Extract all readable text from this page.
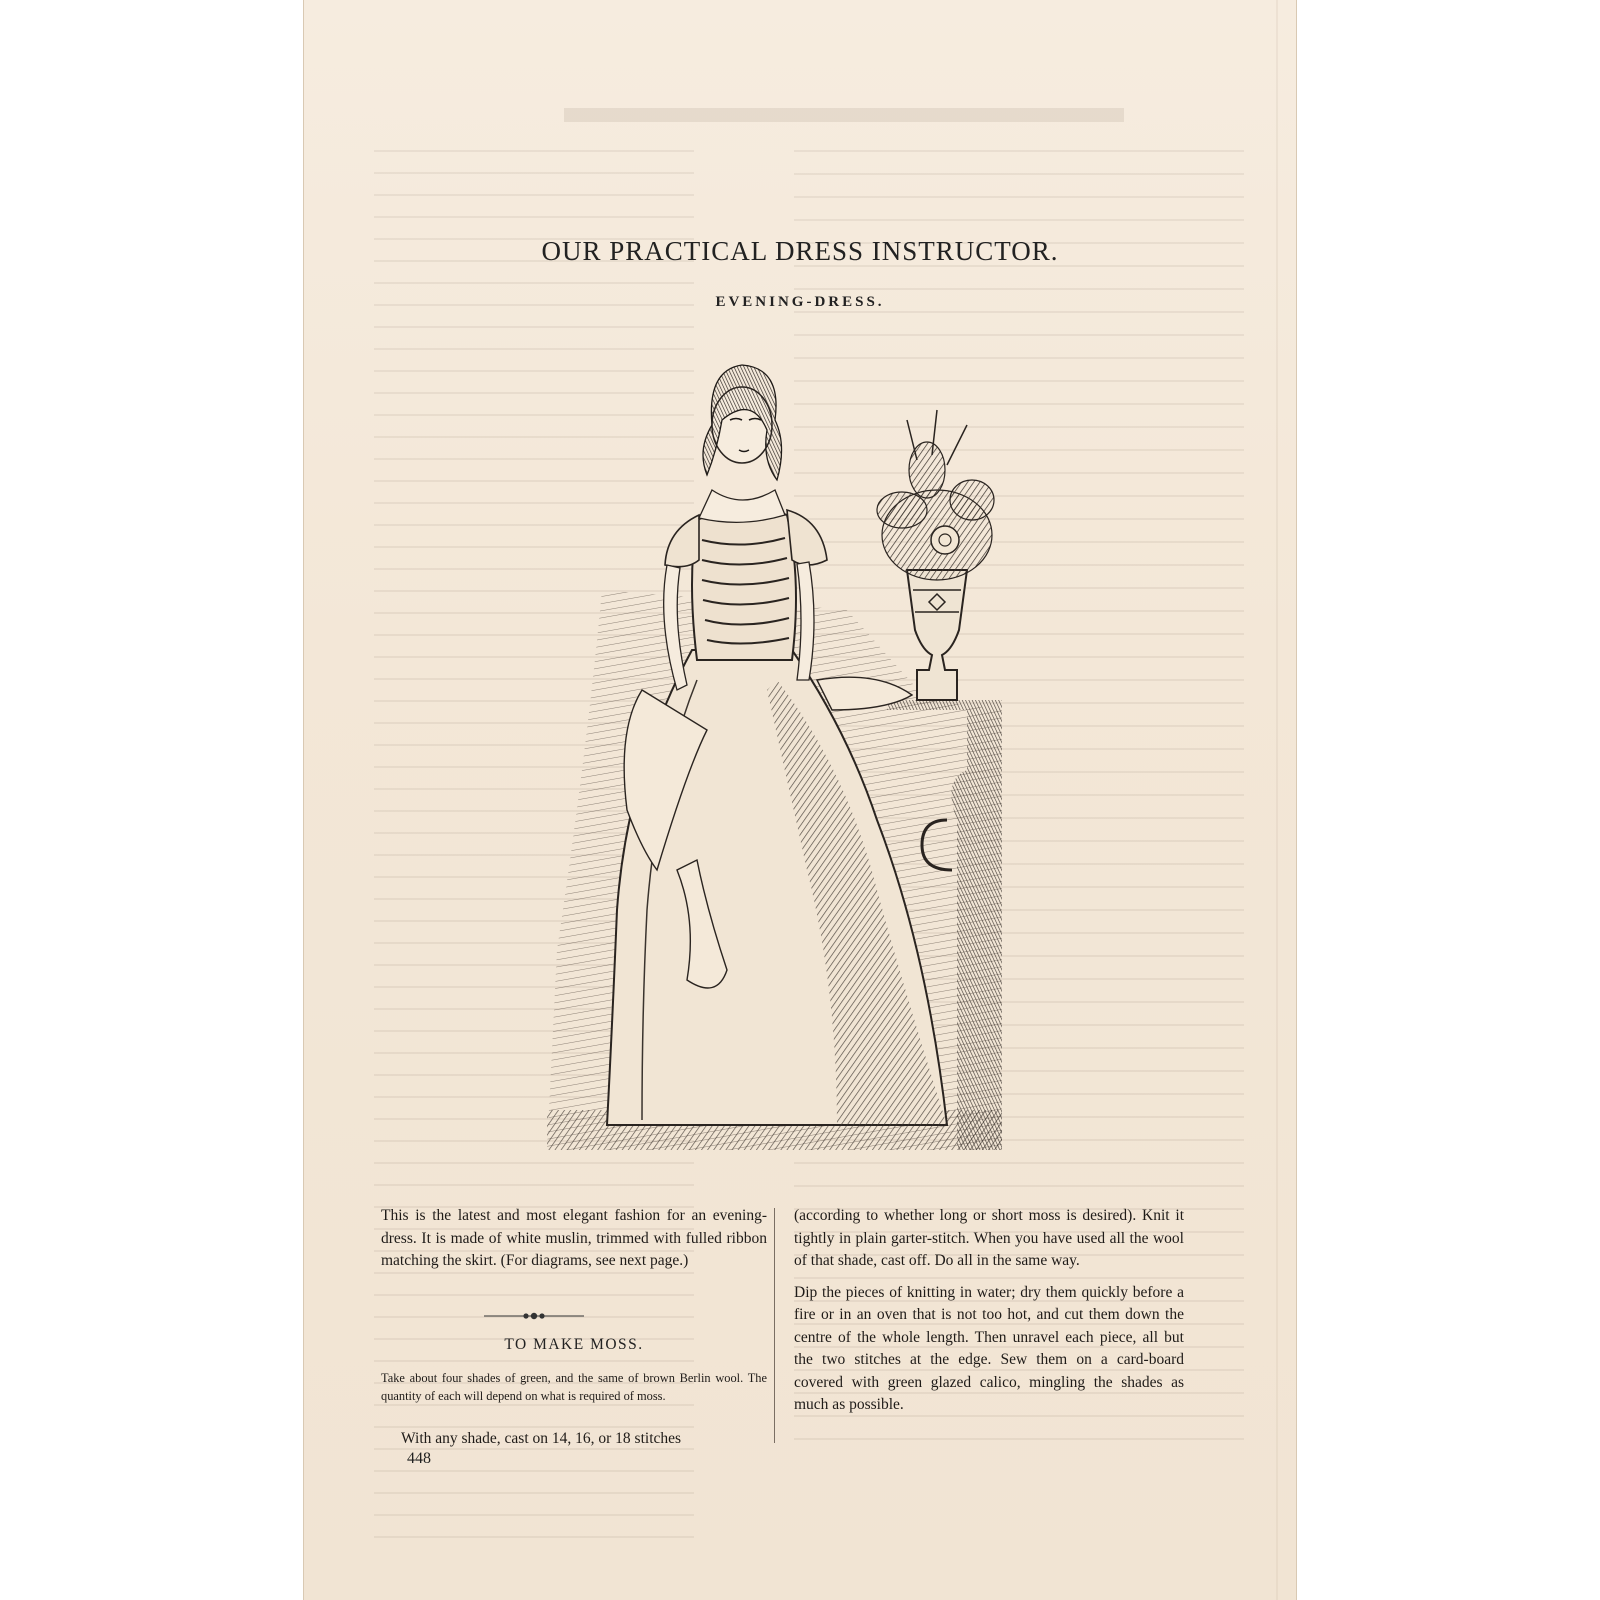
OUR PRACTICAL DRESS INSTRUCTOR.
EVENING-DRESS.

This is the latest and most elegant fashion for an evening-dress. It is made of white muslin, trimmed with fulled ribbon matching the skirt. (For diagrams, see next page.)

TO MAKE MOSS.
Take about four shades of green, and the same of brown Berlin wool. The quantity of each will depend on what is required of moss.
With any shade, cast on 14, 16, or 18 stitches
448

(according to whether long or short moss is desired). Knit it tightly in plain garter-stitch. When you have used all the wool of that shade, cast off. Do all in the same way.

Dip the pieces of knitting in water; dry them quickly before a fire or in an oven that is not too hot, and cut them down the centre of the whole length. Then unravel each piece, all but the two stitches at the edge. Sew them on a card-board covered with green glazed calico, mingling the shades as much as possible.
